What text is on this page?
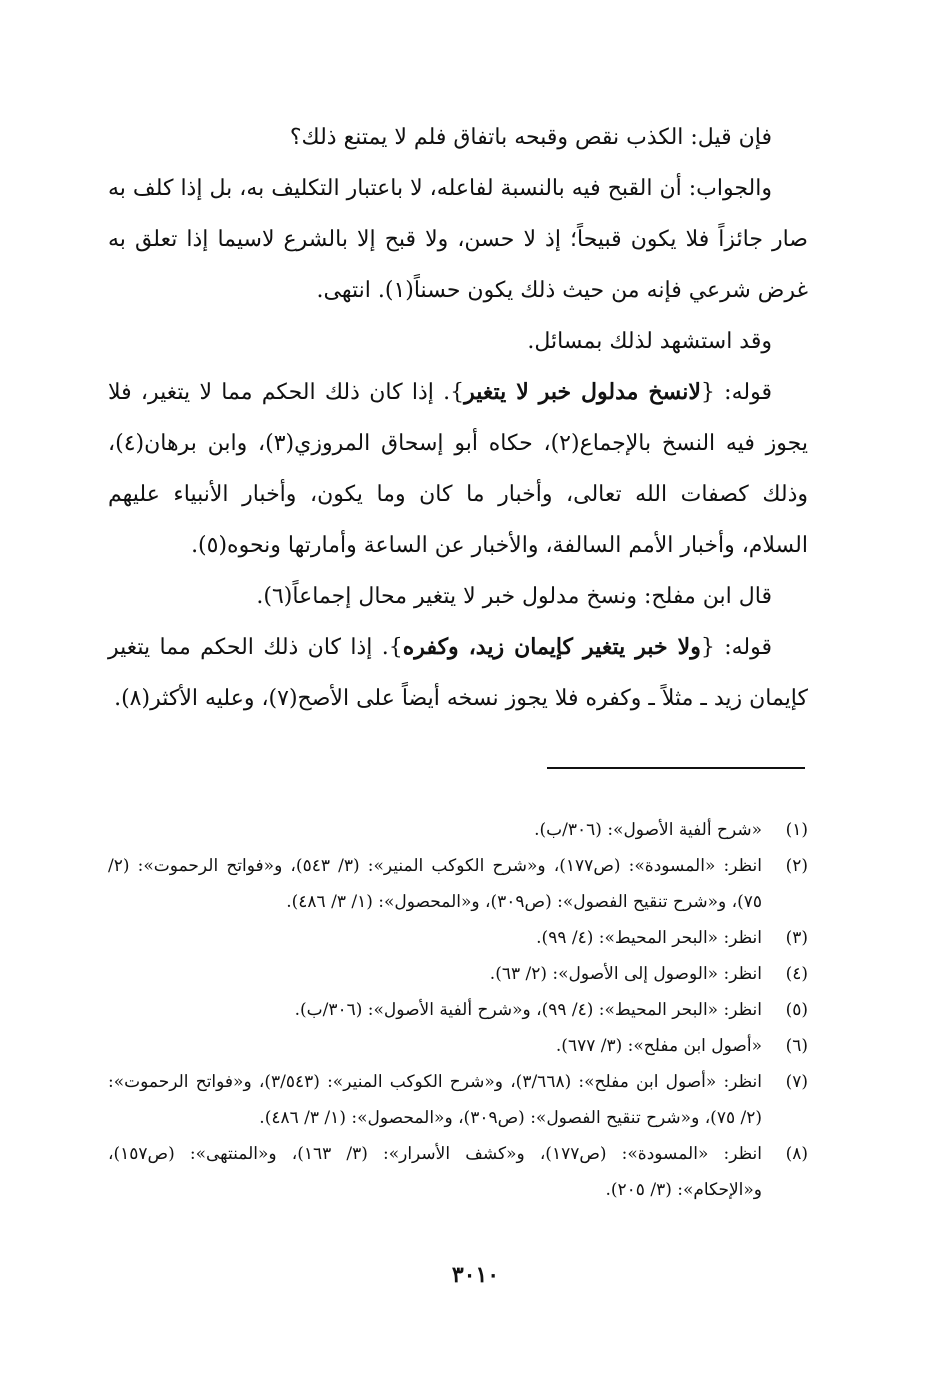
فإن قيل: الكذب نقص وقبحه باتفاق فلم لا يمتنع ذلك؟

والجواب: أن القبح فيه بالنسبة لفاعله، لا باعتبار التكليف به، بل إذا كلف به صار جائزاً فلا يكون قبيحاً؛ إذ لا حسن، ولا قبح إلا بالشرع لاسيما إذا تعلق به غرض شرعي فإنه من حيث ذلك يكون حسناً(١). انتهى.

وقد استشهد لذلك بمسائل.

قوله: {لانسخ مدلول خبر لا يتغير}. إذا كان ذلك الحكم مما لا يتغير، فلا يجوز فيه النسخ بالإجماع(٢)، حكاه أبو إسحاق المروزي(٣)، وابن برهان(٤)، وذلك كصفات الله تعالى، وأخبار ما كان وما يكون، وأخبار الأنبياء عليهم السلام، وأخبار الأمم السالفة، والأخبار عن الساعة وأمارتها ونحوه(٥).

قال ابن مفلح: ونسخ مدلول خبر لا يتغير محال إجماعاً(٦).

قوله: {ولا خبر يتغير كإيمان زيد، وكفره}. إذا كان ذلك الحكم مما يتغير كإيمان زيد ـ مثلاً ـ وكفره فلا يجوز نسخه أيضاً على الأصح(٧)، وعليه الأكثر(٨).

(١)
«شرح ألفية الأصول»: (٣٠٦/ب).
(٢)
انظر: «المسودة»: (ص١٧٧)، و«شرح الكوكب المنير»: (٣/ ٥٤٣)، و«فواتح الرحموت»: (٢/ ٧٥)، و«شرح تنقيح الفصول»: (ص٣٠٩)، و«المحصول»: (١/ ٣/ ٤٨٦).
(٣)
انظر: «البحر المحيط»: (٤/ ٩٩).
(٤)
انظر: «الوصول إلى الأصول»: (٢/ ٦٣).
(٥)
انظر: «البحر المحيط»: (٤/ ٩٩)، و«شرح ألفية الأصول»: (٣٠٦/ب).
(٦)
«أصول ابن مفلح»: (٣/ ٦٧٧).
(٧)
انظر: «أصول ابن مفلح»: (٣/٦٦٨)، و«شرح الكوكب المنير»: (٣/٥٤٣)، و«فواتح الرحموت»: (٢/ ٧٥)، و«شرح تنقيح الفصول»: (ص٣٠٩)، و«المحصول»: (١/ ٣/ ٤٨٦).
(٨)
انظر: «المسودة»: (ص١٧٧)، و«كشف الأسرار»: (٣/ ١٦٣)، و«المنتهى»: (ص١٥٧)، و«الإحكام»: (٣/ ٢٠٥).
٣٠١٠
